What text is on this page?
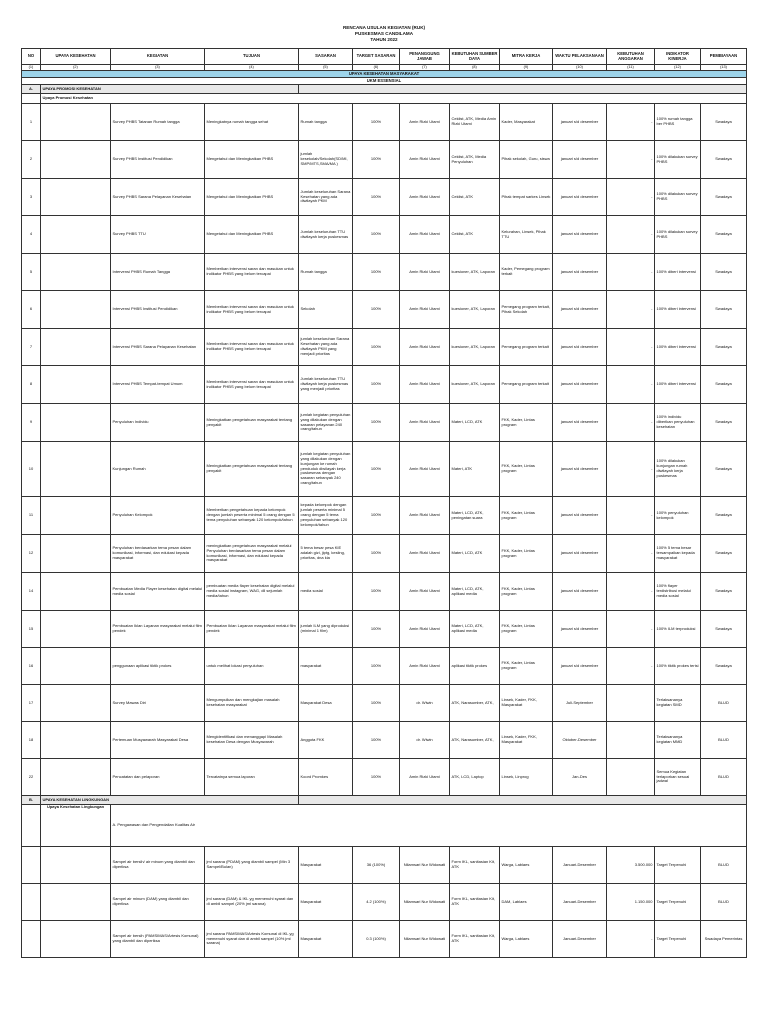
RENCANA USULAN KEGIATAN (RUK)
PUSKESMAS CANDILAMA
TAHUN 2022
NO	UPAYA KESEHATAN	KEGIATAN	TUJUAN	SASARAN	TARGET SASARAN	PENANGGUNG JAWAB	KEBUTUHAN SUMBER DAYA	MITRA KERJA	WAKTU PELAKSANAAN	KEBUTUHAN ANGGARAN	INDIKATOR KINERJA	PEMBIAYAAN
(1)	(2)	(3)	(4)	(5)	(6)	(7)	(8)	(9)	(10)	(11)	(12)	(13)
UPAYA KESEHATAN MASYARAKAT												
UKM ESSENSIAL												
A.	UPAYA PROMOSI KESEHATAN											
	Upaya Promosi Kesehatan											
1		Survey PHBS Tatanan Rumah tangga	Meningkatnya rumah tangga sehat	Rumah tangga	100%	Amin Rizki Utami	Ceklist, ATK, Media Amin Rizki Utami	Kader, Masyarakat	januari s/d desember	-	100% rumah tangga ber PHBS	Swadaya
2		Survey PHBS Institusi Pendidikan	Mengetahui dan Meningkatkan PHBS	jumlah kesekolah/Sekolah(SD/MI, SMP/MTS,SMA/MA )	100%	Amin Rizki Utami	Ceklist, ATK, Media Penyuluhan	Pihak sekolah, Guru, siswa	januari s/d desember	-	100% dilakukan survey PHBS	Swadaya
3		Survey PHBS Sarana Pelayanan Kesehatan	Mengetahui dan Meningkatkan PHBS	Jumlah keseluruhan Sarana Kesehatan yang ada diwilayah PKM	100%	Amin Rizki Utami	Ceklist, ATK	Pihak tempat sarkes Linsek	januari s/d desember	-	100% dilakukan survey PHBS	Swadaya
4		Survey PHBS TTU	Mengetahui dan Meningkatkan PHBS	Jumlah keseluruhan TTU diwilayah kerja puskesmas	100%	Amin Rizki Utami	Ceklist, ATK	Kelurahan, Linsek, Pihak TTU	januari s/d desember	-	100% dilakukan survey PHBS	Swadaya
5		Intervensi PHBS Rumah Tangga	Memberikan intervensi saran dan masukan untuk indikator PHBS yang belum tercapai	Rumah tangga	100%	Amin Rizki Utami	kuesioner, ATK, Laporan	Kader, Pemegang program terkait	januari s/d desember	-	100% diberi intervensi	Swadaya
6		Intervensi PHBS Institusi Pendidikan	Memberikan intervensi saran dan masukan untuk indikator PHBS yang belum tercapai	Sekolah	100%	Amin Rizki Utami	kuesioner, ATK, Laporan	Pemegang program terkait, Pihak Sekolah	januari s/d desember	-	100% diberi intervensi	Swadaya
7		Intervensi PHBS Sarana Pelayanan Kesehatan	Memberikan intervensi saran dan masukan untuk indikator PHBS yang belum tercapai	jumlah keseluruhan Sarana Kesehatan yang ada diwilayah PKM yang menjadi prioritas	100%	Amin Rizki Utami	kuesioner, ATK, Laporan	Pemegang program terkait	januari s/d desember	-	100% diberi intervensi	Swadaya
8		Intervensi PHBS Tempat-tempat Umum	Memberikan intervensi saran dan masukan untuk indikator PHBS yang belum tercapai	Jumlah keseluruhan TTU diwilayah kerja puskesmas yang menjadi prioritas	100%	Amin Rizki Utami	kuesioner, ATK, Laporan	Pemegang program terkait	januari s/d desember	-	100% diberi intervensi	Swadaya
9		Penyuluhan Individu	Meningkatkan pengetahuan masyarakat tentang penyakit	jumlah kegiatan penyuluhan yang dilakukan dengan sasaran pelayanan 240 orang/tahun	100%	Amin Rizki Utami	Materi, LCD, ATK	FKK, Kader, Lintas program	januari s/d desember	-	100% individu diberikan penyuluhan kesehatan	Swadaya
10		Kunjungan Rumah	Meningkatkan pengetahuan masyarakat tentang penyakit	jumlah kegiatan penyuluhan yang dilakukan dengan kunjungan ke rumah penduduk diwilayah kerja puskesmas dengan sasaran sebanyak 240 orang/tahun	100%	Amin Rizki Utami	Materi, ATK	FKK, Kader, Lintas program	januari s/d desember	-	100% dilakukan kunjungan rumah diwilayah kerja puskesmas	Swadaya
11		Penyuluhan Kelompok	Memberikan pengetahuan kepada kelompok dengan jumlah peserta minimal 5 orang dengan 5 tema penyuluhan sebanyak 120 kelompok/tahun	kepada kelompok dengan jumlah peserta minimal 5 orang dengan 5 tema penyuluhan sebanyak 120 kelompok/tahun	100%	Amin Rizki Utami	Materi, LCD, ATK, peningatan suara	FKK, Kader, Lintas program	januari s/d desember	-	100% penyuluhan kelompok	Swadaya
12		Penyuluhan berdasarkan tema pesan dalam komunikasi, informasi, dan edukasi kepada masyarakat	meningkatkan pengetahuan masyarakat melalui Penyuluhan berdasarkan tema pesan dalam komunikasi, informasi, dan edukasi kepada masyarakat	5 tema besar pesa KIE adalah gizi, jiptg, kesling, prioritas, dna kia	100%	Amin Rizki Utami	Materi, LCD, ATK	FKK, Kader, Lintas program	januari s/d desember	-	100% 5 tema besar tersampaikan kepada masyarakat	Swadaya
14		Pembuatan Media Flayer kesehatan digital melalui media sosial	pembuatan media flayer kesehatan digital melalui media sosial instagram, WAG, dll sejumlah media/tahun	media sosial	100%	Amin Rizki Utami	Materi, LCD, ATK, aplikasi media	FKK, Kader, Lintas program	januari s/d desember	-	100% flayer terdistribusi melalui media sosial	Swadaya
15		Pembuatan Iklan Layanan masyarakat melalui film pendek	Pembuatan Iklan Layanan masyarakat melalui film pendek	jumlah ILM yang diproduksi (minimal 1 film)	100%	Amin Rizki Utami	Materi, LCD, ATK, aplikasi media	FKK, Kader, Lintas program	januari s/d desember	-	100% ILM terproduksi	Swadaya
16		penggunaan aplikasi tiktik prokes	untuk melihat lokasi penyuluhan	masyarakat	100%	Amin Rizki Utami	aplikasi tiktik prokes	FKK, Kader, Lintas program	januari s/d desember	-	100% tiktik prokes terisi	Swadaya
17		Survey Mawas Diri	Mengumpulkan dan mengkajian masalah kesehatan masyarakat	Masyarakat Desa	100%	dr. Wiwin	ATK, Narasumber, ATK,	Linsek, Kader, FKK, Masyarakat	Juli-September		Terlaksananya kegiatan SMD	BLUD
18		Pertemuan Musyawarah Masyarakat Desa	Mengidentifikasi dan menanggapi Masalah kesehatan Desa dengan Musyawarah	Anggota FKK	100%	dr. Wiwin	ATK, Narasumber, ATK,	Linsek, Kader, FKK, Masyarakat	Oktober-Desember		Terlaksananya kegiatan MMD	BLUD
22		Pencatatan dan pelaporan	Tercatatnya semua laporan	Koord Promkes	100%	Amin Rizki Utami	ATK, LCD, Laptop	Linsek, Linprog	Jan-Des		Semua Kegiatan terlaporkan sesuai jadwal	BLUD
B.	UPAYA KESEHATAN LINGKUNGAN											
	Upaya Kesehatan Lingkungan	A. Pengawasan dan Pengendalian Kualitas Air										
		Sampel air bersih/ air minum yang diambil dan diperiksa	jml sarana (PDAM) yang diambil sampel (Min 3 Sampel/Bulan)	Masyarakat	36 (100%)	Nilamsari Nur Widowati	Form IKL, sanitasian Kit, ATK	Warga, Lablaes	Januari-Desember	3.500.000	Target Terpenuhi	BLUD
		Sampel air minum (DAM) yang diambil dan diperiksa	jml sarana (DAM) & IKL yg memenuhi syarat dan di ambil sampel (20% jml sarana)	Masyarakat	4.2 (100%)	Nilamsari Nur Widowati	Form IKL, sanitasian Kit, ATK	DAM, Lablaes	Januari-Desember	1.150.000	Target Terpenuhi	BLUD
		Sampel air bersih (PAMSIMAS/Artesis Komunal) yang diambil dan diperiksa	jml sarana PAMSIMAS/Artesis Komunal di IKL yg memenuhi syarat dan di ambil sampel (10% jml sarana)	Masyarakat	0.3 (100%)	Nilamsari Nur Widowati	Form IKL, sanitasian Kit, ATK	Warga, Lablaes	Januari-Desember	-	Target Terpenuhi	Swadaya Pemerintas
